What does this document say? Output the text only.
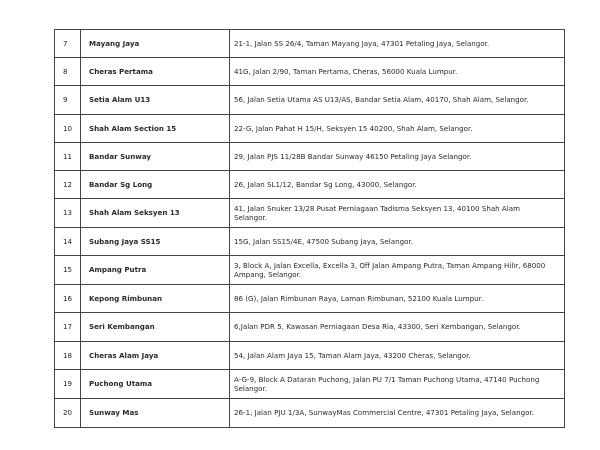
7	Mayang Jaya	21-1, Jalan SS 26/4, Taman Mayang Jaya, 47301 Petaling Jaya, Selangor.
8	Cheras Pertama	41G, Jalan 2/90, Taman Pertama, Cheras, 56000 Kuala Lumpur.
9	Setia Alam U13	56, Jalan Setia Utama AS U13/AS, Bandar Setia Alam, 40170, Shah Alam, Selangor.
10	Shah Alam Section 15	22-G, Jalan Pahat H 15/H, Seksyen 15 40200, Shah Alam, Selangor.
11	Bandar Sunway	29, Jalan PJS 11/28B Bandar Sunway 46150 Petaling Jaya Selangor.
12	Bandar Sg Long	26, Jalan SL1/12, Bandar Sg Long, 43000, Selangor.
13	Shah Alam Seksyen 13	41, Jalan Snuker 13/28 Pusat Perniagaan Tadisma Seksyen 13, 40100 Shah Alam Selangor.
14	Subang Jaya SS15	15G, Jalan SS15/4E, 47500 Subang Jaya, Selangor.
15	Ampang Putra	3, Block A, Jalan Excella, Excella 3, Off Jalan Ampang Putra, Taman Ampang Hilir, 68000 Ampang, Selangor.
16	Kepong Rimbunan	86 (G), Jalan Rimbunan Raya, Laman Rimbunan, 52100 Kuala Lumpur.
17	Seri Kembangan	6,Jalan PDR 5, Kawasan Perniagaan Desa Ria, 43300, Seri Kembangan, Selangor.
18	Cheras Alam Jaya	54, Jalan Alam Jaya 15, Taman Alam Jaya, 43200 Cheras, Selangor.
19	Puchong Utama	A-G-9, Block A Dataran Puchong, Jalan PU 7/1 Taman Puchong Utama, 47140 Puchong Selangor.
20	Sunway Mas	26-1, Jalan PJU 1/3A, SunwayMas Commercial Centre, 47301 Petaling Jaya, Selangor.
